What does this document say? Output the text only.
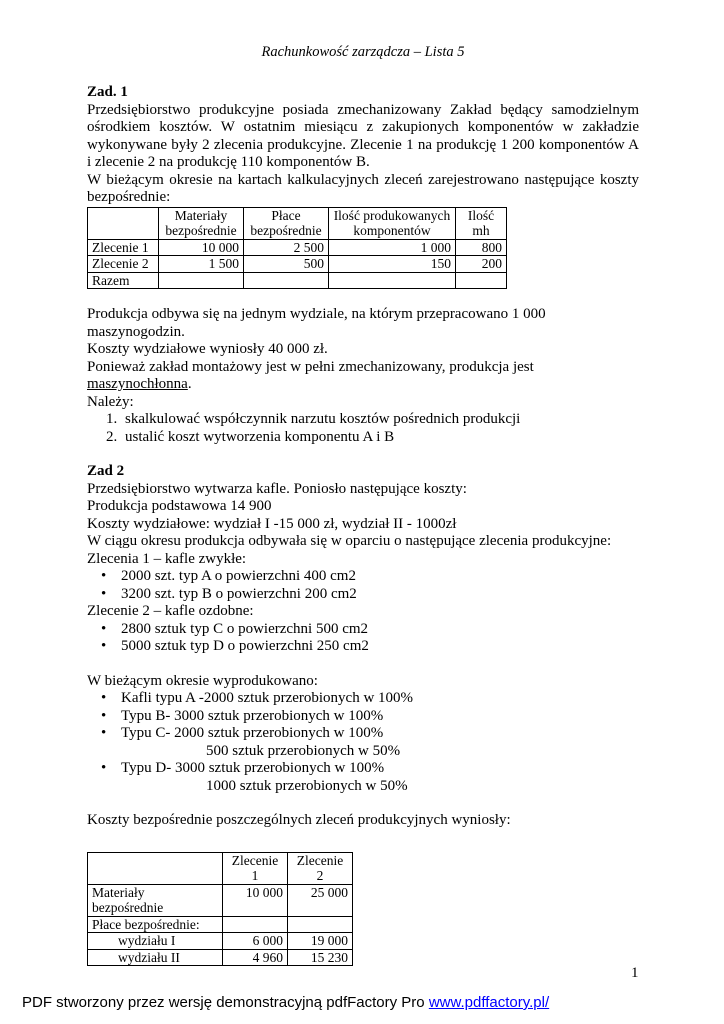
Rachunkowość zarządcza – Lista 5
Zad. 1
Przedsiębiorstwo produkcyjne posiada zmechanizowany Zakład będący samodzielnym ośrodkiem kosztów. W ostatnim miesiącu z zakupionych komponentów w zakładzie wykonywane były 2 zlecenia produkcyjne. Zlecenie 1 na produkcję 1 200 komponentów A i zlecenie 2 na produkcję 110 komponentów B.
W bieżącym okresie na kartach kalkulacyjnych zleceń zarejestrowano następujące koszty bezpośrednie:
	Materiały bezpośrednie	Płace bezpośrednie	Ilość produkowanych komponentów	Ilość mh
Zlecenie 1	10 000	2 500	1 000	800
Zlecenie 2	1 500	500	150	200
Razem				
Produkcja odbywa się na jednym wydziale, na którym przepracowano 1 000 maszynogodzin.
Koszty wydziałowe wyniosły 40 000 zł.
Ponieważ zakład montażowy jest w pełni zmechanizowany, produkcja jest maszynochłonna.
Należy:
1. skalkulować współczynnik narzutu kosztów pośrednich produkcji
2. ustalić koszt wytworzenia komponentu A i B
Zad 2
Przedsiębiorstwo wytwarza kafle. Poniosło następujące koszty:
Produkcja podstawowa 14 900
Koszty wydziałowe: wydział I -15 000 zł, wydział II - 1000zł
W ciągu okresu produkcja odbywała się w oparciu o następujące zlecenia produkcyjne:
Zlecenia 1 – kafle zwykłe:
• 2000 szt. typ A o powierzchni 400 cm2
• 3200 szt. typ B o powierzchni 200 cm2
Zlecenie 2 – kafle ozdobne:
• 2800 sztuk typ C o powierzchni 500 cm2
• 5000 sztuk typ D o powierzchni 250 cm2
W bieżącym okresie wyprodukowano:
• Kafli typu A -2000 sztuk przerobionych w 100%
• Typu B- 3000 sztuk przerobionych w 100%
• Typu C- 2000 sztuk przerobionych w 100%
500 sztuk przerobionych w 50%
• Typu D- 3000 sztuk przerobionych w 100%
1000 sztuk przerobionych w 50%
Koszty bezpośrednie poszczególnych zleceń produkcyjnych wyniosły:
	Zlecenie 1	Zlecenie 2
Materiały bezpośrednie	10 000	25 000
Płace bezpośrednie:		
wydziału I	6 000	19 000
wydziału II	4 960	15 230
1
PDF stworzony przez wersję demonstracyjną pdfFactory Pro www.pdffactory.pl/
